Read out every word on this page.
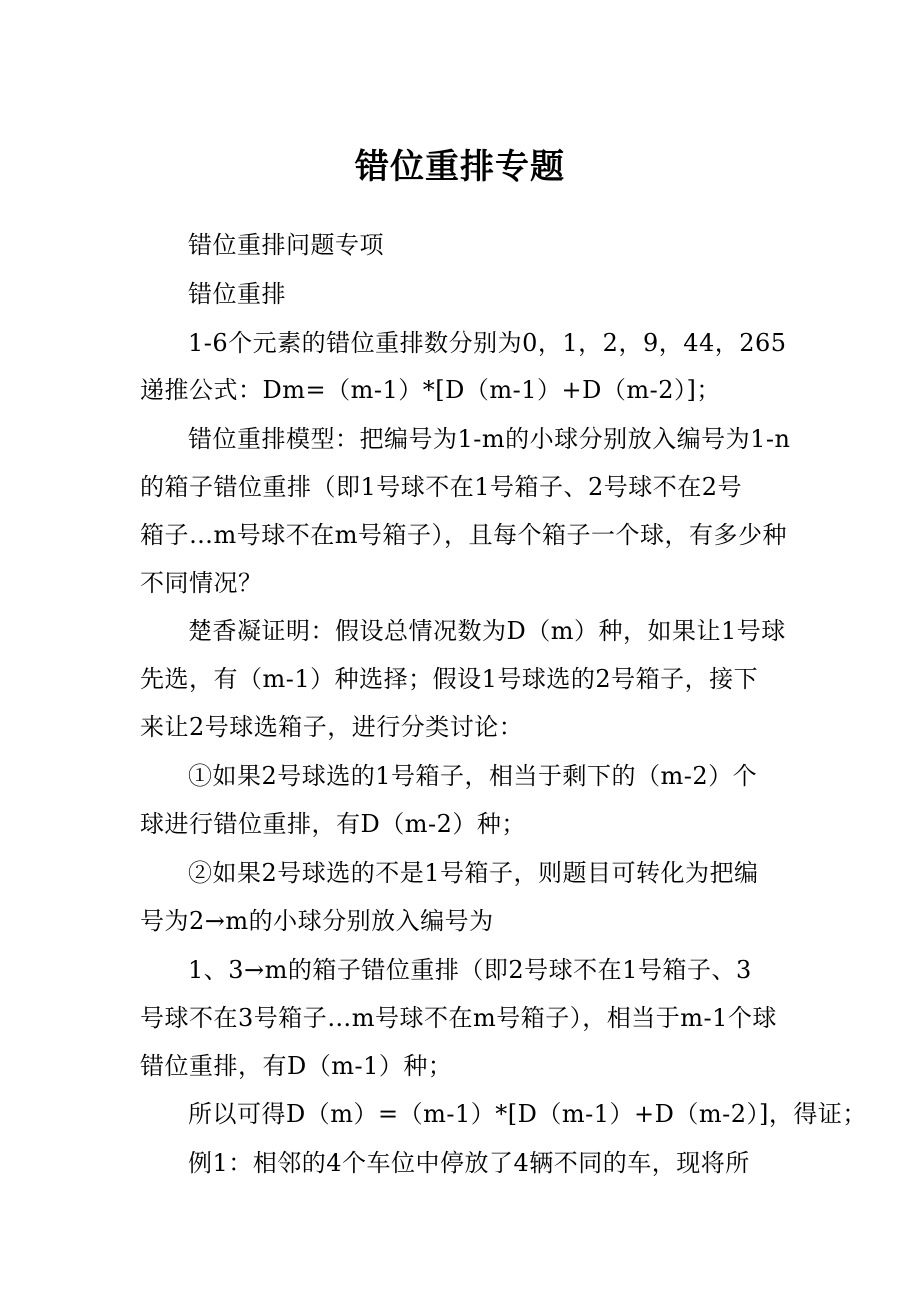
错位重排专题
错位重排问题专项
错位重排
1-6个元素的错位重排数分别为0，1，2，9，44，265
递推公式：Dm=（m-1）*[D（m-1）+D（m-2）]；
错位重排模型：把编号为1-m的小球分别放入编号为1-n
的箱子错位重排（即1号球不在1号箱子、2号球不在2号
箱子…m号球不在m号箱子），且每个箱子一个球，有多少种
不同情况？
楚香凝证明：假设总情况数为D（m）种，如果让1号球
先选，有（m-1）种选择；假设1号球选的2号箱子，接下
来让2号球选箱子，进行分类讨论：
①如果2号球选的1号箱子，相当于剩下的（m-2）个
球进行错位重排，有D（m-2）种；
②如果2号球选的不是1号箱子，则题目可转化为把编
号为2→m的小球分别放入编号为
1、3→m的箱子错位重排（即2号球不在1号箱子、3
号球不在3号箱子…m号球不在m号箱子），相当于m-1个球
错位重排，有D（m-1）种；
所以可得D（m）=（m-1）*[D（m-1）+D（m-2）]，得证；
例1：相邻的4个车位中停放了4辆不同的车，现将所
